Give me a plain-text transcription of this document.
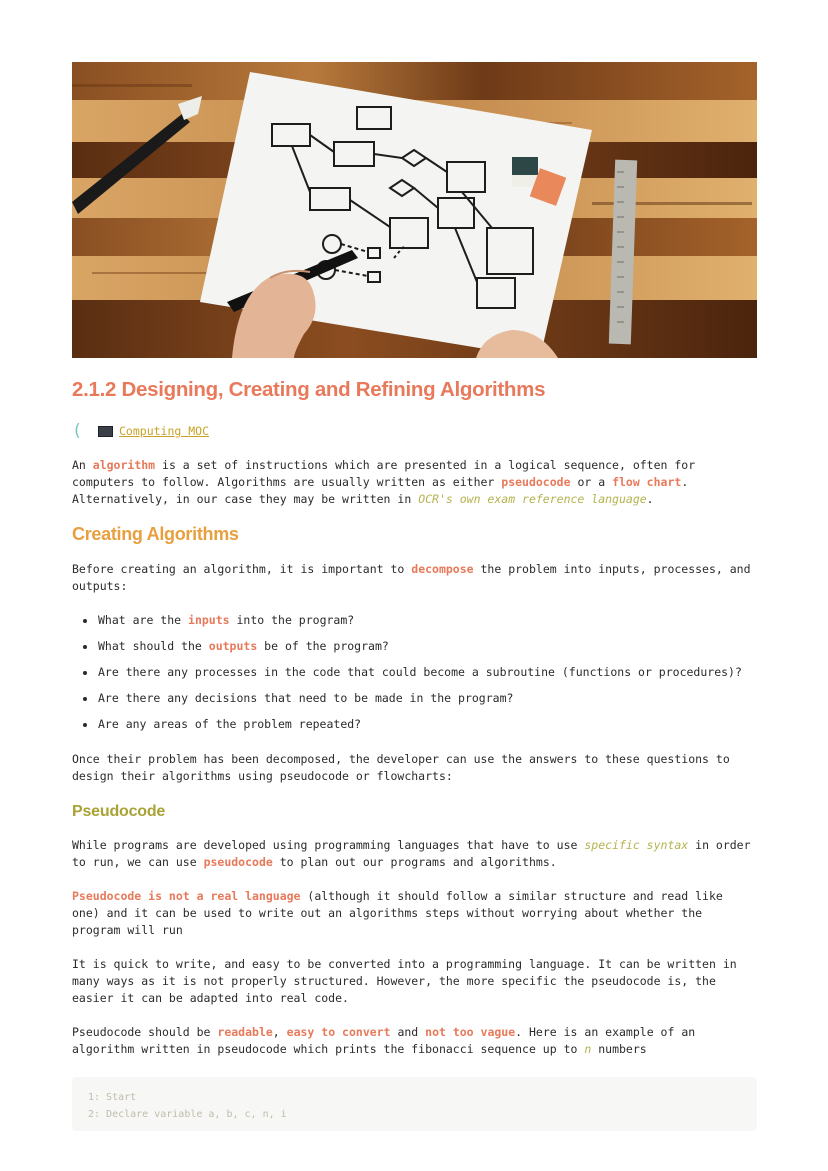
2.1.2 Designing, Creating and Refining Algorithms
(	Computing MOC

An algorithm is a set of instructions which are presented in a logical sequence, often for computers to follow. Algorithms are usually written as either pseudocode or a flow chart. Alternatively, in our case they may be written in OCR's own exam reference language.

Creating Algorithms

Before creating an algorithm, it is important to decompose the problem into inputs, processes, and outputs:

What are the inputs into the program?
What should the outputs be of the program?
Are there any processes in the code that could become a subroutine (functions or procedures)?
Are there any decisions that need to be made in the program?
Are any areas of the problem repeated?

Once their problem has been decomposed, the developer can use the answers to these questions to design their algorithms using pseudocode or flowcharts:

Pseudocode

While programs are developed using programming languages that have to use specific syntax in order to run, we can use pseudocode to plan out our programs and algorithms.

Pseudocode is not a real language (although it should follow a similar structure and read like one) and it can be used to write out an algorithms steps without worrying about whether the program will run

It is quick to write, and easy to be converted into a programming language. It can be written in many ways as it is not properly structured. However, the more specific the pseudocode is, the easier it can be adapted into real code.

Pseudocode should be readable, easy to convert and not too vague. Here is an example of an algorithm written in pseudocode which prints the fibonacci sequence up to n numbers

1: Start
2: Declare variable a, b, c, n, i
